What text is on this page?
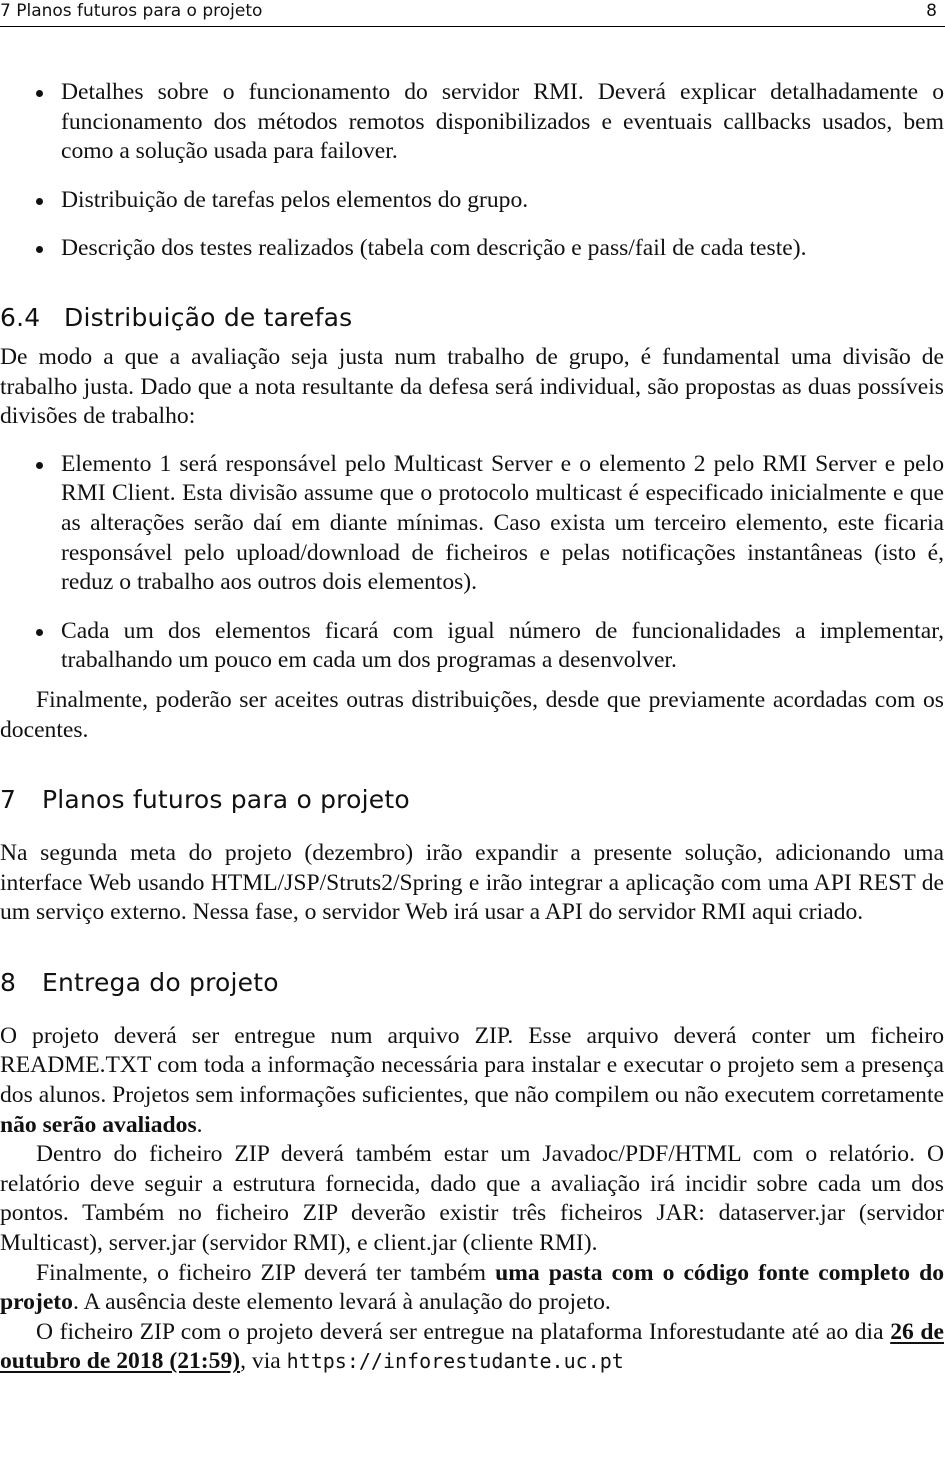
7 Planos futuros para o projeto	8
Detalhes sobre o funcionamento do servidor RMI. Deverá explicar detalhadamente o funcionamento dos métodos remotos disponibilizados e eventuais callbacks usados, bem como a solução usada para failover.
Distribuição de tarefas pelos elementos do grupo.
Descrição dos testes realizados (tabela com descrição e pass/fail de cada teste).
6.4 Distribuição de tarefas

De modo a que a avaliação seja justa num trabalho de grupo, é fundamental uma divisão de trabalho justa. Dado que a nota resultante da defesa será individual, são propostas as duas possíveis divisões de trabalho:

Elemento 1 será responsável pelo Multicast Server e o elemento 2 pelo RMI Server e pelo RMI Client. Esta divisão assume que o protocolo multicast é especificado inicialmente e que as alterações serão daí em diante mínimas. Caso exista um terceiro elemento, este ficaria responsável pelo upload/download de ficheiros e pelas notificações instantâneas (isto é, reduz o trabalho aos outros dois elementos).
Cada um dos elementos ficará com igual número de funcionalidades a implementar, trabalhando um pouco em cada um dos programas a desenvolver.

Finalmente, poderão ser aceites outras distribuições, desde que previamente acordadas com os docentes.

7 Planos futuros para o projeto

Na segunda meta do projeto (dezembro) irão expandir a presente solução, adicionando uma interface Web usando HTML/JSP/Struts2/Spring e irão integrar a aplicação com uma API REST de um serviço externo. Nessa fase, o servidor Web irá usar a API do servidor RMI aqui criado.

8 Entrega do projeto

O projeto deverá ser entregue num arquivo ZIP. Esse arquivo deverá conter um ficheiro README.TXT com toda a informação necessária para instalar e executar o projeto sem a presença dos alunos. Projetos sem informações suficientes, que não compilem ou não executem corretamente não serão avaliados.

Dentro do ficheiro ZIP deverá também estar um Javadoc/PDF/HTML com o relatório. O relatório deve seguir a estrutura fornecida, dado que a avaliação irá incidir sobre cada um dos pontos. Também no ficheiro ZIP deverão existir três ficheiros JAR: dataserver.jar (servidor Multicast), server.jar (servidor RMI), e client.jar (cliente RMI).

Finalmente, o ficheiro ZIP deverá ter também uma pasta com o código fonte completo do projeto. A ausência deste elemento levará à anulação do projeto.

O ficheiro ZIP com o projeto deverá ser entregue na plataforma Inforestudante até ao dia 26 de outubro de 2018 (21:59), via https://inforestudante.uc.pt
